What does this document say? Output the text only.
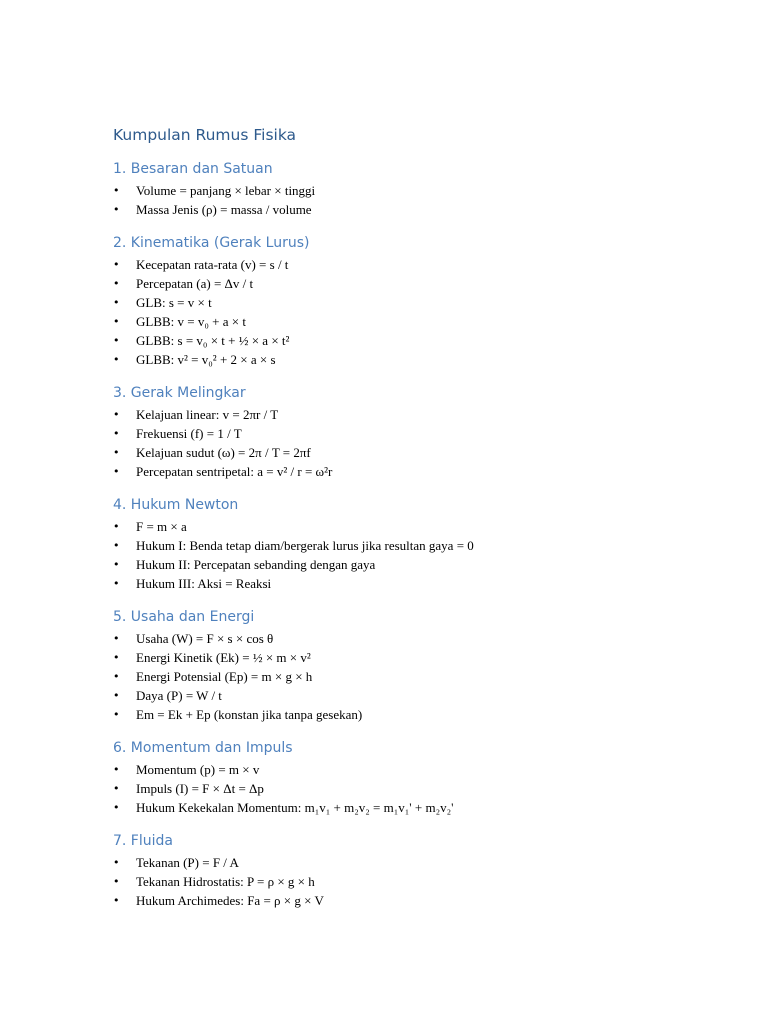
Kumpulan Rumus Fisika
1. Besaran dan Satuan
• Volume = panjang × lebar × tinggi
• Massa Jenis (ρ) = massa / volume
2. Kinematika (Gerak Lurus)
• Kecepatan rata-rata (v) = s / t
• Percepatan (a) = Δv / t
• GLB: s = v × t
• GLBB: v = v₀ + a × t
• GLBB: s = v₀ × t + ½ × a × t²
• GLBB: v² = v₀² + 2 × a × s
3. Gerak Melingkar
• Kelajuan linear: v = 2πr / T
• Frekuensi (f) = 1 / T
• Kelajuan sudut (ω) = 2π / T = 2πf
• Percepatan sentripetal: a = v² / r = ω²r
4. Hukum Newton
• F = m × a
• Hukum I: Benda tetap diam/bergerak lurus jika resultan gaya = 0
• Hukum II: Percepatan sebanding dengan gaya
• Hukum III: Aksi = Reaksi
5. Usaha dan Energi
• Usaha (W) = F × s × cos θ
• Energi Kinetik (Ek) = ½ × m × v²
• Energi Potensial (Ep) = m × g × h
• Daya (P) = W / t
• Em = Ek + Ep (konstan jika tanpa gesekan)
6. Momentum dan Impuls
• Momentum (p) = m × v
• Impuls (I) = F × Δt = Δp
• Hukum Kekekalan Momentum: m₁v₁ + m₂v₂ = m₁v₁' + m₂v₂'
7. Fluida
• Tekanan (P) = F / A
• Tekanan Hidrostatis: P = ρ × g × h
• Hukum Archimedes: Fa = ρ × g × V
